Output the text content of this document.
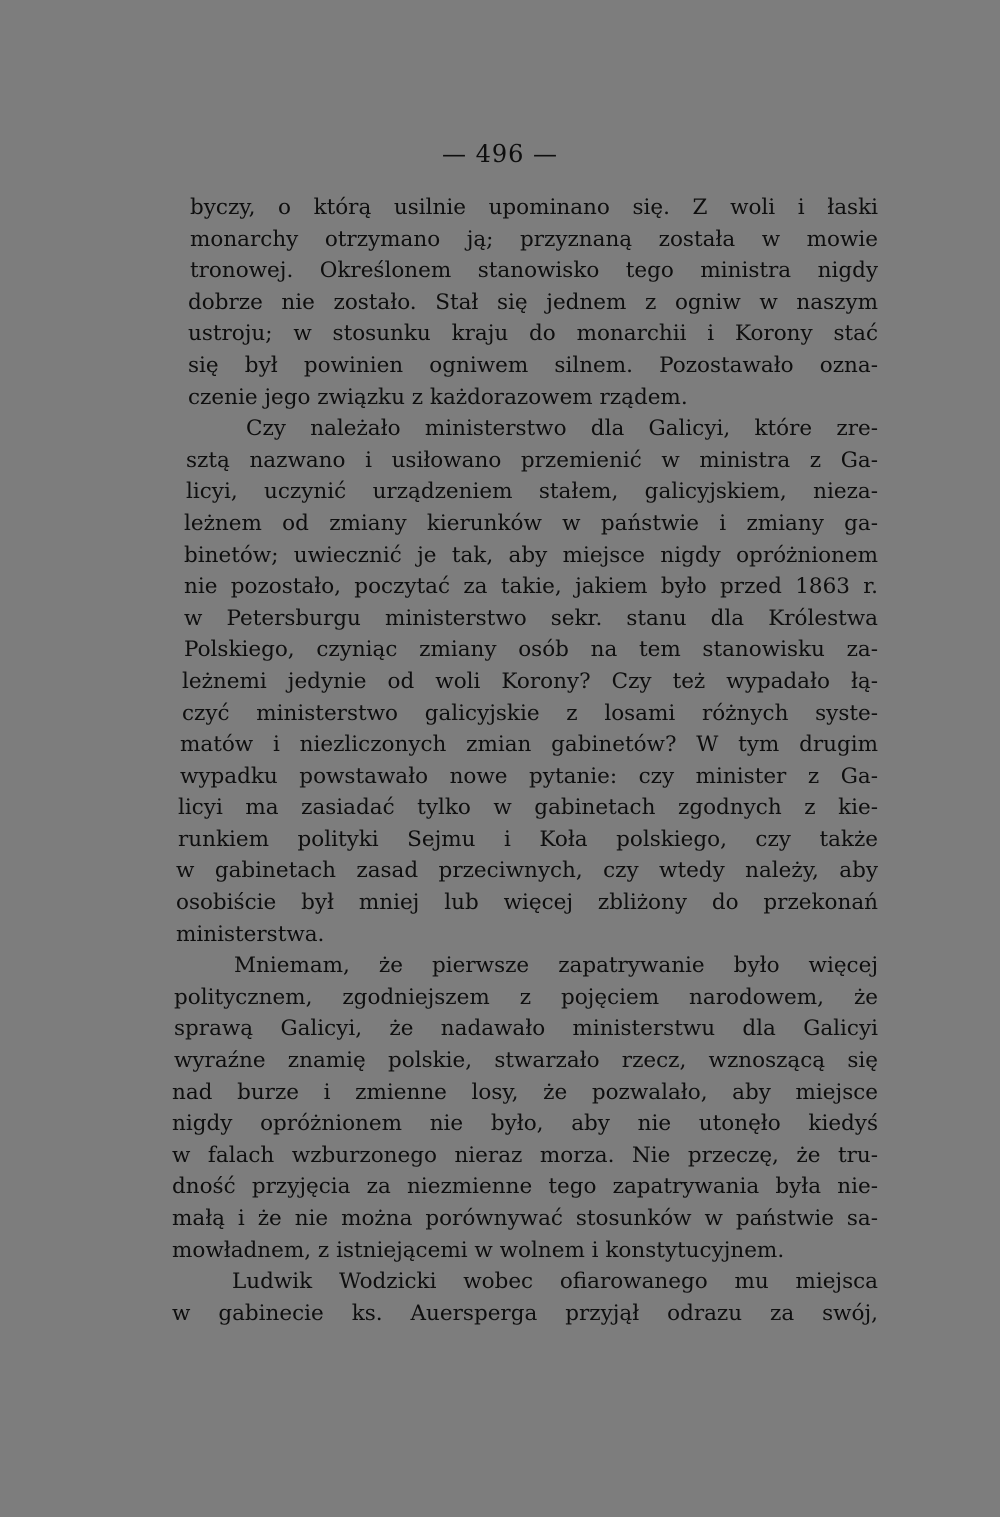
— 496 —
byczy, o którą usilnie upominano się. Z woli i łaski
monarchy otrzymano ją; przyznaną została w mowie
tronowej. Określonem stanowisko tego ministra nigdy
dobrze nie zostało. Stał się jednem z ogniw w naszym
ustroju; w stosunku kraju do monarchii i Korony stać
się był powinien ogniwem silnem. Pozostawało ozna-
czenie jego związku z każdorazowem rządem.
Czy należało ministerstwo dla Galicyi, które zre-
sztą nazwano i usiłowano przemienić w ministra z Ga-
licyi, uczynić urządzeniem stałem, galicyjskiem, nieza-
leżnem od zmiany kierunków w państwie i zmiany ga-
binetów; uwiecznić je tak, aby miejsce nigdy opróżnionem
nie pozostało, poczytać za takie, jakiem było przed 1863 r.
w Petersburgu ministerstwo sekr. stanu dla Królestwa
Polskiego, czyniąc zmiany osób na tem stanowisku za-
leżnemi jedynie od woli Korony? Czy też wypadało łą-
czyć ministerstwo galicyjskie z losami różnych syste-
matów i niezliczonych zmian gabinetów? W tym drugim
wypadku powstawało nowe pytanie: czy minister z Ga-
licyi ma zasiadać tylko w gabinetach zgodnych z kie-
runkiem polityki Sejmu i Koła polskiego, czy także
w gabinetach zasad przeciwnych, czy wtedy należy, aby
osobiście był mniej lub więcej zbliżony do przekonań
ministerstwa.
Mniemam, że pierwsze zapatrywanie było więcej
politycznem, zgodniejszem z pojęciem narodowem, że
sprawą Galicyi, że nadawało ministerstwu dla Galicyi
wyraźne znamię polskie, stwarzało rzecz, wznoszącą się
nad burze i zmienne losy, że pozwalało, aby miejsce
nigdy opróżnionem nie było, aby nie utonęło kiedyś
w falach wzburzonego nieraz morza. Nie przeczę, że tru-
dność przyjęcia za niezmienne tego zapatrywania była nie-
małą i że nie można porównywać stosunków w państwie sa-
mowładnem, z istniejącemi w wolnem i konstytucyjnem.
Ludwik Wodzicki wobec ofiarowanego mu miejsca
w gabinecie ks. Auersperga przyjął odrazu za swój,
